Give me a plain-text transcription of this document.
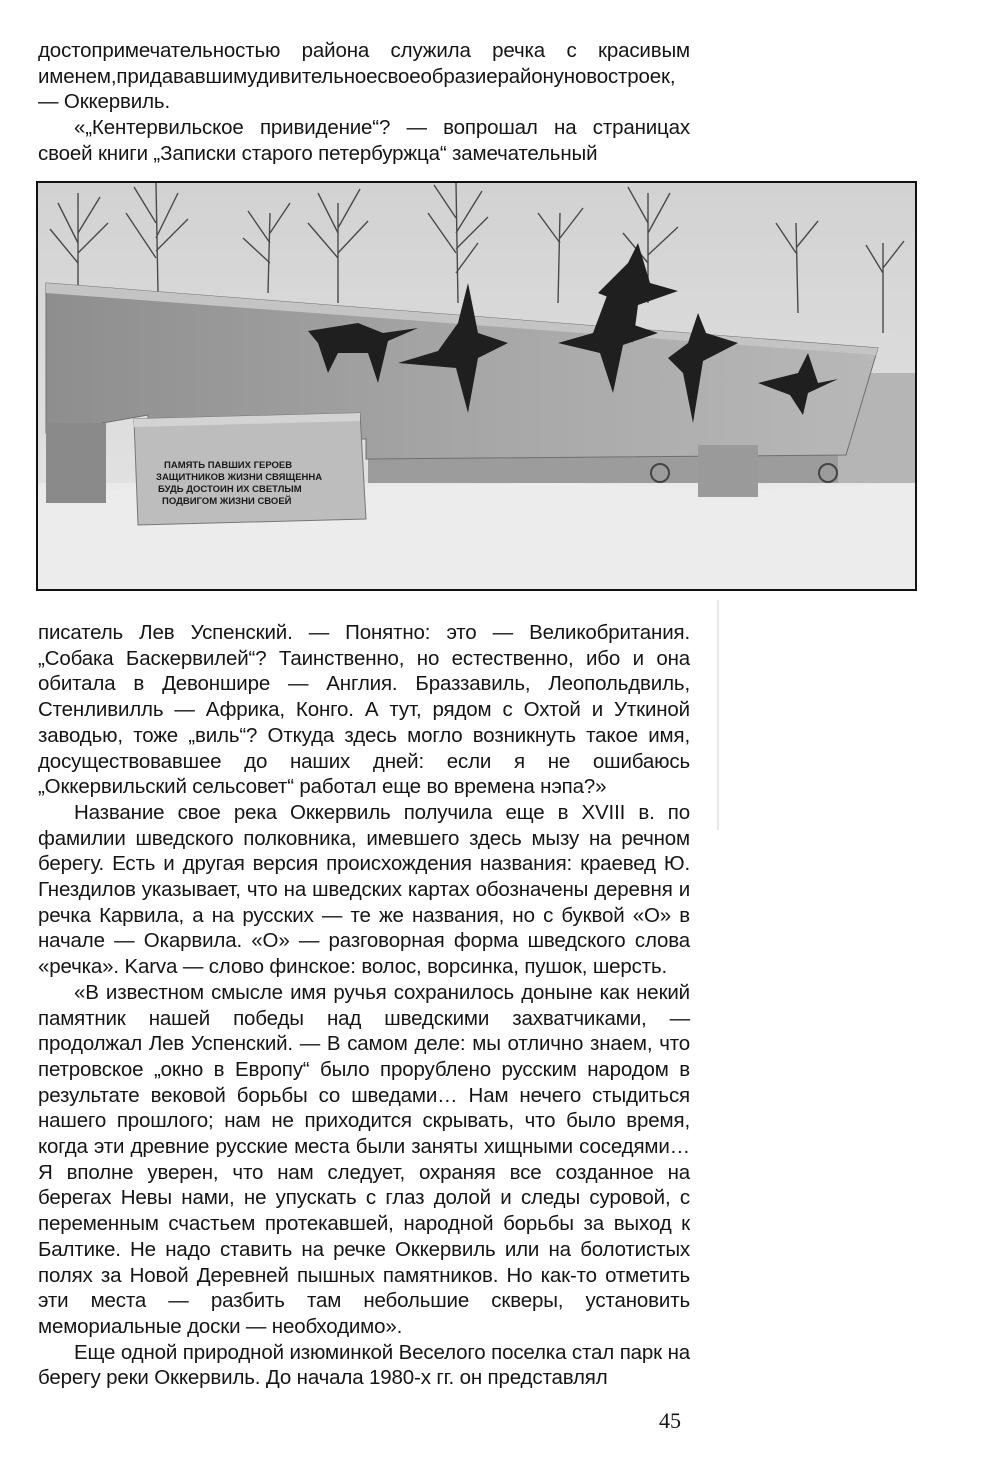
достопримечательностью района служила речка с красивым именем,придававшимудивительноесвоеобразиерайонуновостроек,— Оккервиль.

«„Кентервильское привидение“? — вопрошал на страницах своей книги „Записки старого петербуржца“ замечательный

ПАМЯТЬ ПАВШИХ ГЕРОЕВ
ЗАЩИТНИКОВ ЖИЗНИ СВЯЩЕННА
БУДЬ ДОСТОИН ИХ СВЕТЛЫМ
ПОДВИГОМ ЖИЗНИ СВОЕЙ

писатель Лев Успенский. — Понятно: это — Великобритания. „Собака Баскервилей“? Таинственно, но естественно, ибо и она обитала в Девоншире — Англия. Браззавиль, Леопольдвиль, Стенливилль — Африка, Конго. А тут, рядом с Охтой и Уткиной заводью, тоже „виль“? Откуда здесь могло возникнуть такое имя, досуществовавшее до наших дней: если я не ошибаюсь „Оккервильский сельсовет“ работал еще во времена нэпа?»

Название свое река Оккервиль получила еще в XVIII в. по фамилии шведского полковника, имевшего здесь мызу на речном берегу. Есть и другая версия происхождения названия: краевед Ю. Гнездилов указывает, что на шведских картах обозначены деревня и речка Карвила, а на русских — те же названия, но с буквой «О» в начале — Окарвила. «О» — разговорная форма шведского слова «речка». Karva — слово финское: волос, ворсинка, пушок, шерсть.

«В известном смысле имя ручья сохранилось доныне как некий памятник нашей победы над шведскими захватчиками, — продолжал Лев Успенский. — В самом деле: мы отлично знаем, что петровское „окно в Европу“ было прорублено русским народом в результате вековой борьбы со шведами… Нам нечего стыдиться нашего прошлого; нам не приходится скрывать, что было время, когда эти древние русские места были заняты хищными соседями… Я вполне уверен, что нам следует, охраняя все созданное на берегах Невы нами, не упускать с глаз долой и следы суровой, с переменным счастьем протекавшей, народной борьбы за выход к Балтике. Не надо ставить на речке Оккервиль или на болотистых полях за Новой Деревней пышных памятников. Но как-то отметить эти места — разбить там небольшие скверы, установить мемориальные доски — необходимо».

Еще одной природной изюминкой Веселого поселка стал парк на берегу реки Оккервиль. До начала 1980-х гг. он представлял

45
